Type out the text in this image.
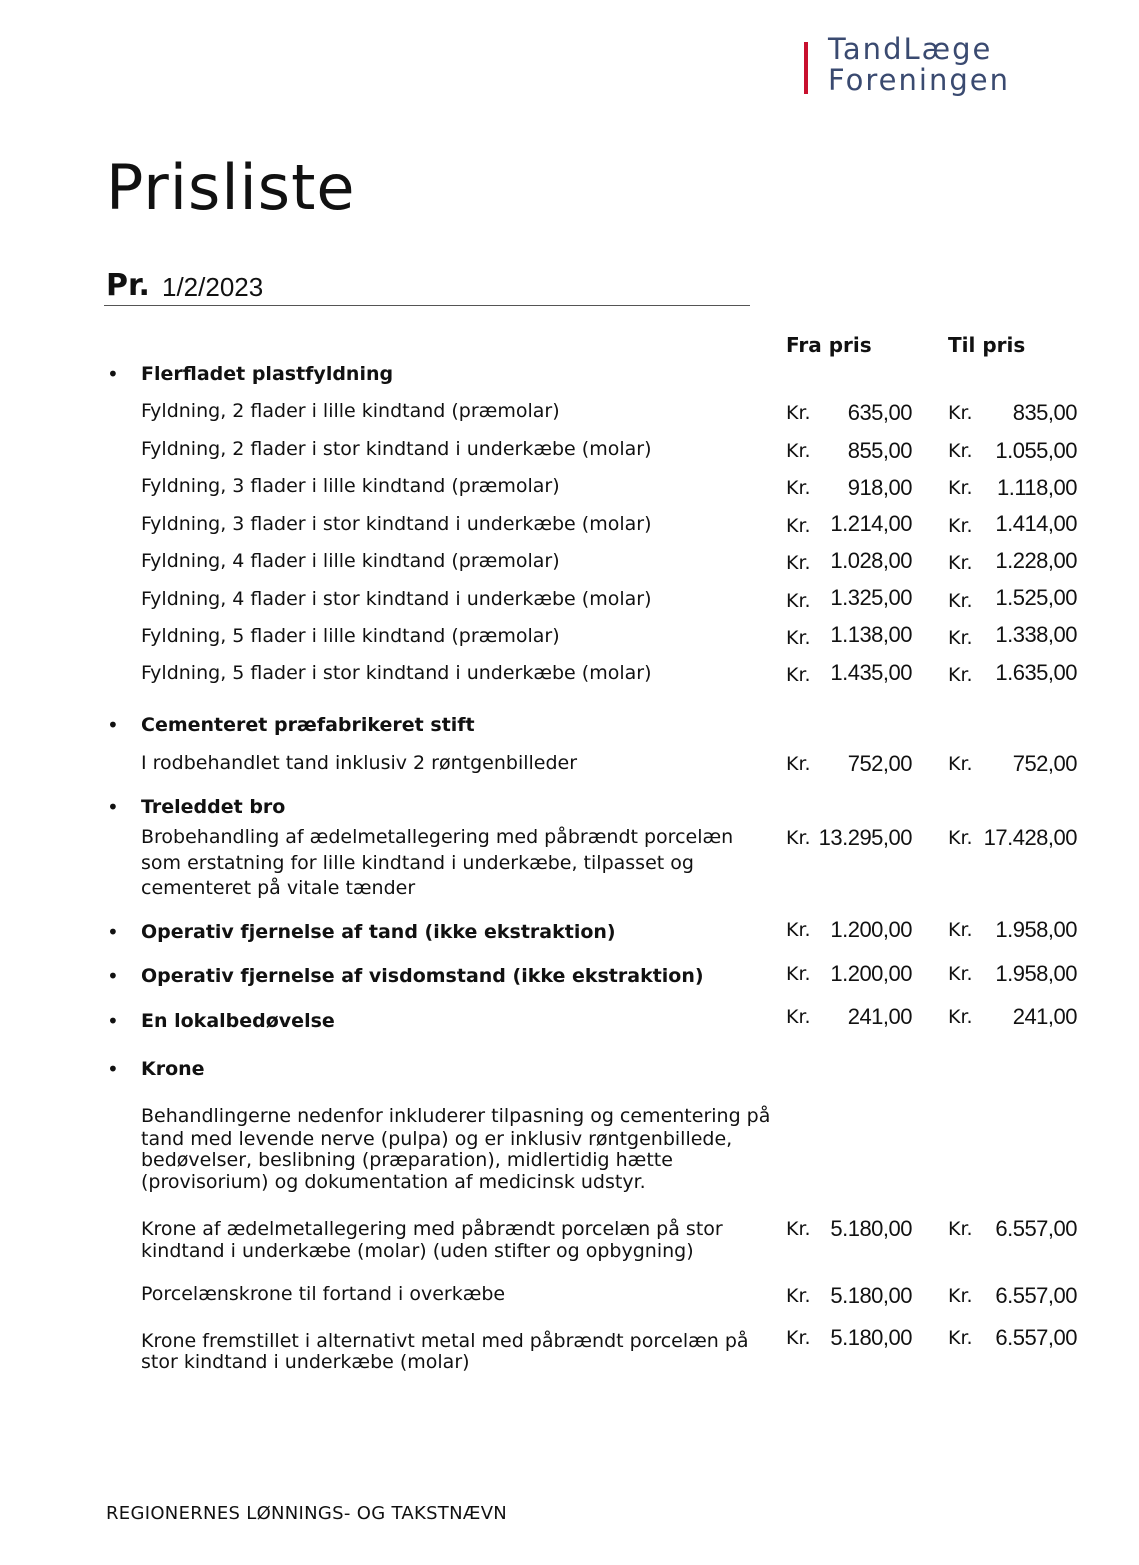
TandLæge
Foreningen
Prisliste
Pr. 1/2/2023
Fra pris	Til pris
• Flerfladet plastfyldning
Fyldning, 2 flader i lille kindtand (præmolar)	Kr.	635,00 Kr.	835,00
Fyldning, 2 flader i stor kindtand i underkæbe (molar)	Kr.	855,00 Kr.	1.055,00
Fyldning, 3 flader i lille kindtand (præmolar)	Kr.	918,00 Kr.	1.118,00
Fyldning, 3 flader i stor kindtand i underkæbe (molar)	Kr. 1.214,00 Kr.	1.414,00
Fyldning, 4 flader i lille kindtand (præmolar)	Kr. 1.028,00 Kr.	1.228,00
Fyldning, 4 flader i stor kindtand i underkæbe (molar)	Kr. 1.325,00 Kr.	1.525,00
Fyldning, 5 flader i lille kindtand (præmolar)	Kr. 1.138,00 Kr.	1.338,00
Fyldning, 5 flader i stor kindtand i underkæbe (molar)	Kr. 1.435,00 Kr.	1.635,00
• Cementeret præfabrikeret stift
I rodbehandlet tand inklusiv 2 røntgenbilleder	Kr.	752,00 Kr.	752,00
• Treleddet bro
Brobehandling af ædelmetallegering med påbrændt porcelæn
som erstatning for lille kindtand i underkæbe, tilpasset og
cementeret på vitale tænder
Kr. 13.295,00 Kr. 17.428,00
• Operativ fjernelse af tand (ikke ekstraktion)	Kr. 1.200,00 Kr.	1.958,00
• Operativ fjernelse af visdomstand (ikke ekstraktion)	Kr. 1.200,00 Kr.	1.958,00
• En lokalbedøvelse	Kr.	241,00 Kr.	241,00
• Krone
Behandlingerne nedenfor inkluderer tilpasning og cementering på
tand med levende nerve (pulpa) og er inklusiv røntgenbillede,
bedøvelser, beslibning (præparation), midlertidig hætte
(provisorium) og dokumentation af medicinsk udstyr.
Krone af ædelmetallegering med påbrændt porcelæn på stor
kindtand i underkæbe (molar) (uden stifter og opbygning)
Kr. 5.180,00 Kr.	6.557,00
Porcelænskrone til fortand i overkæbe	Kr. 5.180,00 Kr.	6.557,00
Krone fremstillet i alternativt metal med påbrændt porcelæn på
stor kindtand i underkæbe (molar)
Kr. 5.180,00 Kr.	6.557,00
REGIONERNES LØNNINGS- OG TAKSTNÆVN
